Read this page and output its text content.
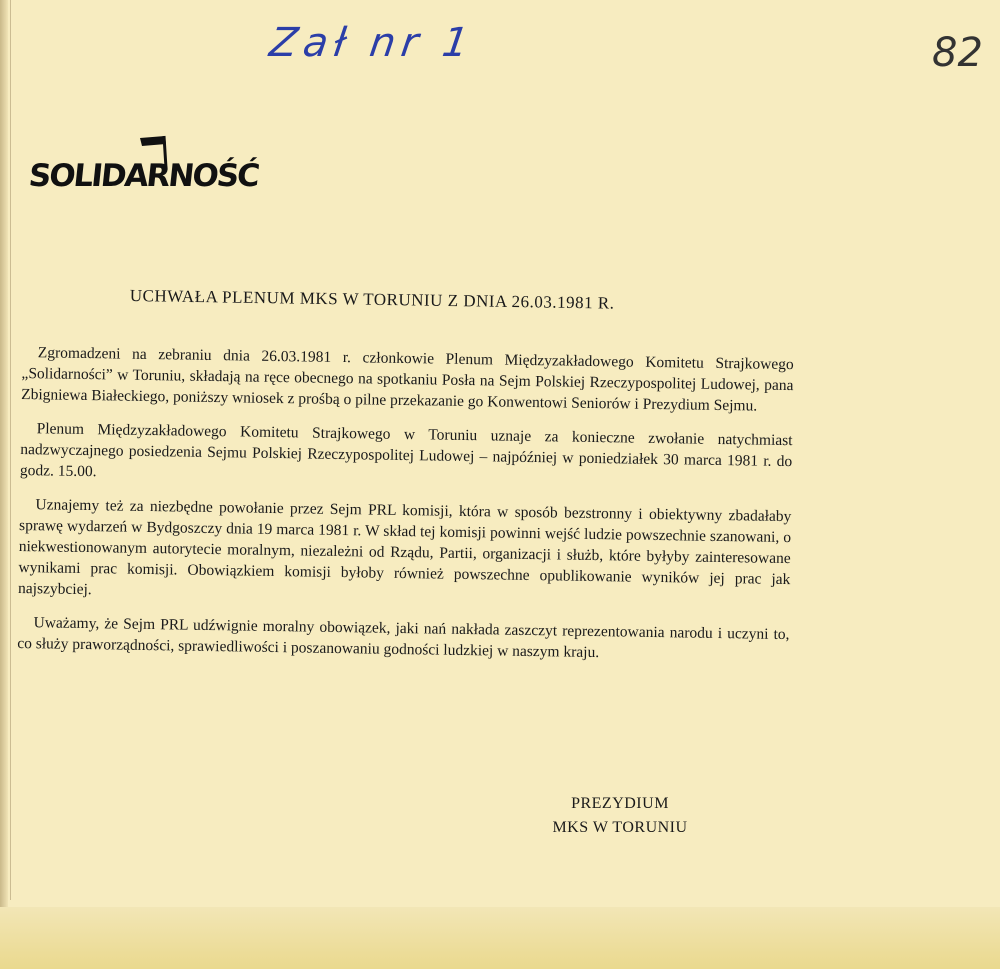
Zał nr 1	82
SOLIDARNOŚĆ
UCHWAŁA PLENUM MKS W TORUNIU Z DNIA 26.03.1981 R.

Zgromadzeni na zebraniu dnia 26.03.1981 r. członkowie Plenum Międzyzakładowego Komitetu Strajkowego „Solidarności” w Toruniu, składają na ręce obecnego na spotkaniu Posła na Sejm Polskiej Rzeczypospolitej Ludowej, pana Zbigniewa Białeckiego, poniższy wniosek z prośbą o pilne przekazanie go Konwentowi Seniorów i Prezydium Sejmu.

Plenum Międzyzakładowego Komitetu Strajkowego w Toruniu uznaje za konieczne zwołanie natychmiast nadzwyczajnego posiedzenia Sejmu Polskiej Rzeczypospolitej Ludowej – najpóźniej w poniedziałek 30 marca 1981 r. do godz. 15.00.

Uznajemy też za niezbędne powołanie przez Sejm PRL komisji, która w sposób bezstronny i obiektywny zbadałaby sprawę wydarzeń w Bydgoszczy dnia 19 marca 1981 r. W skład tej komisji powinni wejść ludzie powszechnie szanowani, o niekwestionowanym autorytecie moralnym, niezależni od Rządu, Partii, organizacji i służb, które byłyby zainteresowane wynikami prac komisji. Obowiązkiem komisji byłoby również powszechne opublikowanie wyników jej prac jak najszybciej.

Uważamy, że Sejm PRL udźwignie moralny obowiązek, jaki nań nakłada zaszczyt reprezentowania narodu i uczyni to, co służy praworządności, sprawiedliwości i poszanowaniu godności ludzkiej w naszym kraju.

PREZYDIUM
MKS W TORUNIU
